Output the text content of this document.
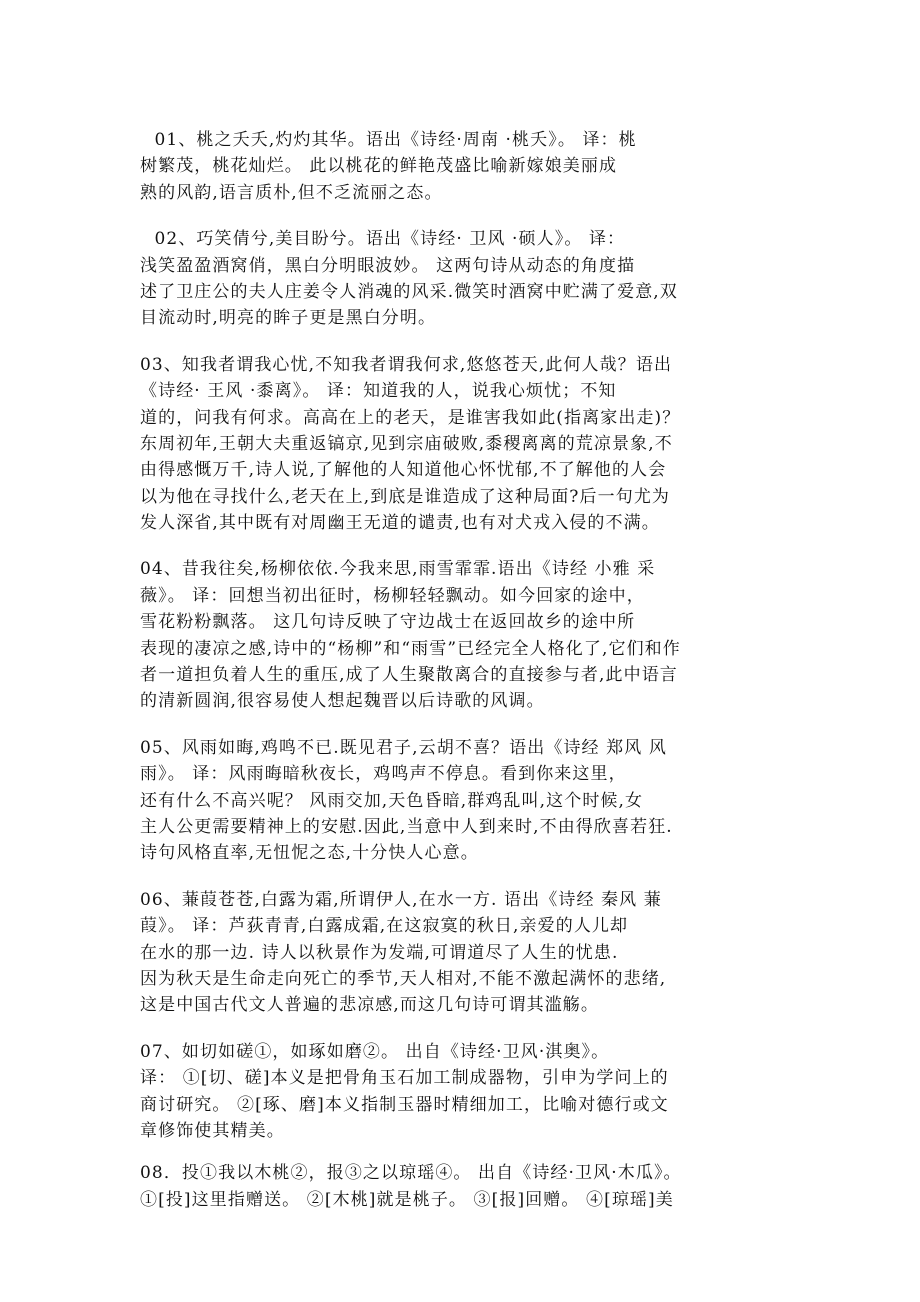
01、桃之夭夭,灼灼其华。语出《诗经·周南 ·桃夭》。 译：桃
树繁茂，桃花灿烂。 此以桃花的鲜艳茂盛比喻新嫁娘美丽成
熟的风韵,语言质朴,但不乏流丽之态。
02、巧笑倩兮,美目盼兮。语出《诗经· 卫风 ·硕人》。 译：
浅笑盈盈酒窝俏，黑白分明眼波妙。 这两句诗从动态的角度描
述了卫庄公的夫人庄姜令人消魂的风采.微笑时酒窝中贮满了爱意,双
目流动时,明亮的眸子更是黑白分明。
03、知我者谓我心忧,不知我者谓我何求,悠悠苍天,此何人哉？语出
《诗经· 王风 ·黍离》。 译：知道我的人，说我心烦忧；不知
道的，问我有何求。高高在上的老天，是谁害我如此(指离家出走)？
东周初年,王朝大夫重返镐京,见到宗庙破败,黍稷离离的荒凉景象,不
由得感慨万千,诗人说,了解他的人知道他心怀忧郁,不了解他的人会
以为他在寻找什么,老天在上,到底是谁造成了这种局面?后一句尤为
发人深省,其中既有对周幽王无道的谴责,也有对犬戎入侵的不满。
04、昔我往矣,杨柳依依.今我来思,雨雪霏霏.语出《诗经 小雅 采
薇》。 译：回想当初出征时，杨柳轻轻飘动。如今回家的途中，
雪花粉粉飘落。 这几句诗反映了守边战士在返回故乡的途中所
表现的凄凉之感,诗中的“杨柳”和“雨雪”已经完全人格化了,它们和作
者一道担负着人生的重压,成了人生聚散离合的直接参与者,此中语言
的清新圆润,很容易使人想起魏晋以后诗歌的风调。
05、风雨如晦,鸡鸣不已.既见君子,云胡不喜？语出《诗经 郑风 风
雨》。 译：风雨晦暗秋夜长，鸡鸣声不停息。看到你来这里，
还有什么不高兴呢？ 风雨交加,天色昏暗,群鸡乱叫,这个时候,女
主人公更需要精神上的安慰.因此,当意中人到来时,不由得欣喜若狂.
诗句风格直率,无忸怩之态,十分快人心意。
06、蒹葭苍苍,白露为霜,所谓伊人,在水一方. 语出《诗经 秦风 蒹
葭》。 译：芦荻青青,白露成霜,在这寂寞的秋日,亲爱的人儿却
在水的那一边. 诗人以秋景作为发端,可谓道尽了人生的忧患.
因为秋天是生命走向死亡的季节,天人相对,不能不激起满怀的悲绪,
这是中国古代文人普遍的悲凉感,而这几句诗可谓其滥觞。
07、如切如磋①，如琢如磨②。 出自《诗经·卫风·淇奥》。
译： ①[切、磋]本义是把骨角玉石加工制成器物，引申为学问上的
商讨研究。 ②[琢、磨]本义指制玉器时精细加工，比喻对德行或文
章修饰使其精美。
08．投①我以木桃②，报③之以琼瑶④。 出自《诗经·卫风·木瓜》。
①[投]这里指赠送。 ②[木桃]就是桃子。 ③[报]回赠。 ④[琼瑶]美
